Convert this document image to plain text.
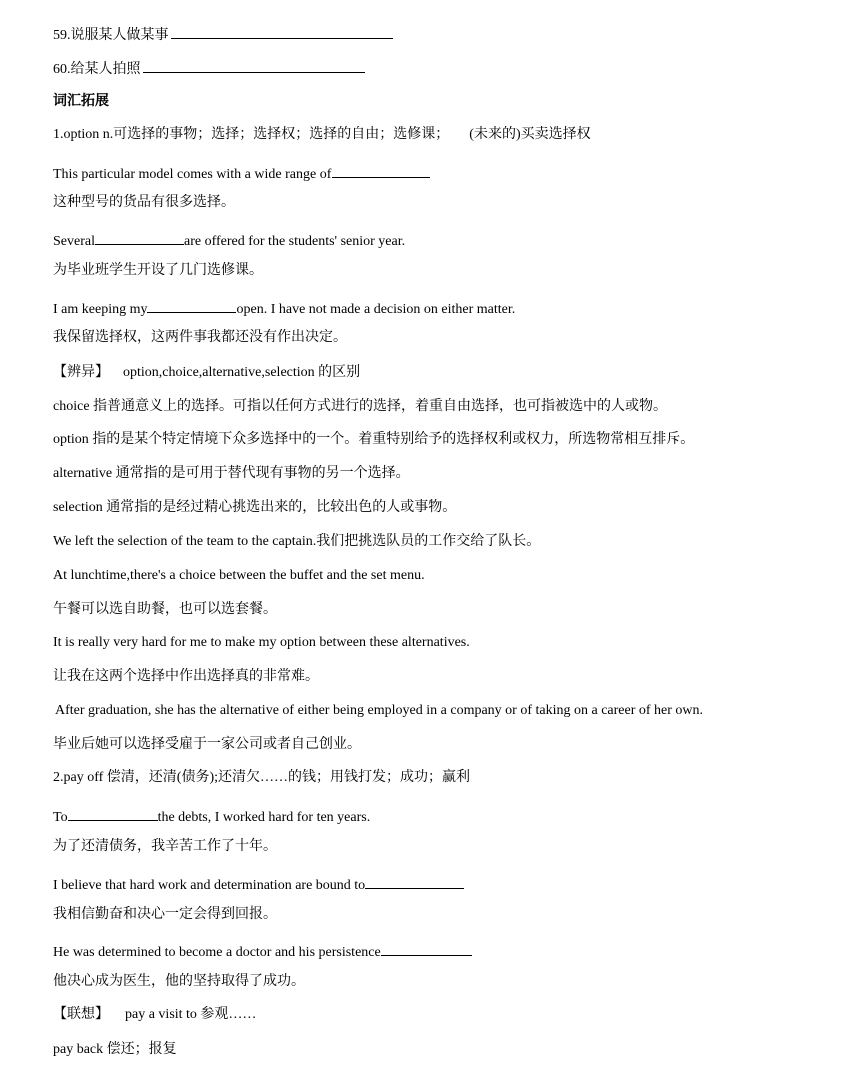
59.说服某人做某事
60.给某人拍照
词汇拓展
1.option n.可选择的事物；选择；选择权；选择的自由；选修课； (未来的)买卖选择权
This particular model comes with a wide range of
这种型号的货品有很多选择。
Several	are offered for the students' senior year.
为毕业班学生开设了几门选修课。
I am keeping my	open. I have not made a decision on either matter.
我保留选择权，这两件事我都还没有作出决定。
【辨异】 option,choice,alternative,selection 的区别
choice 指普通意义上的选择。可指以任何方式进行的选择，着重自由选择，也可指被选中的人或物。
option 指的是某个特定情境下众多选择中的一个。着重特别给予的选择权利或权力，所选物常相互排斥。
alternative 通常指的是可用于替代现有事物的另一个选择。
selection 通常指的是经过精心挑选出来的，比较出色的人或事物。
We left the selection of the team to the captain.我们把挑选队员的工作交给了队长。
At lunchtime,there's a choice between the buffet and the set menu.
午餐可以选自助餐，也可以选套餐。
It is really very hard for me to make my option between these alternatives.
让我在这两个选择中作出选择真的非常难。
After graduation, she has the alternative of either being employed in a company or of taking on a career of her own.
毕业后她可以选择受雇于一家公司或者自己创业。
2.pay off 偿清，还清(债务);还清欠……的钱；用钱打发；成功；赢利
To	the debts, I worked hard for ten years.
为了还清债务，我辛苦工作了十年。
I believe that hard work and determination are bound to
我相信勤奋和决心一定会得到回报。
He was determined to become a doctor and his persistence
他决心成为医生，他的坚持取得了成功。
【联想】 pay a visit to 参观……
pay back 偿还；报复
